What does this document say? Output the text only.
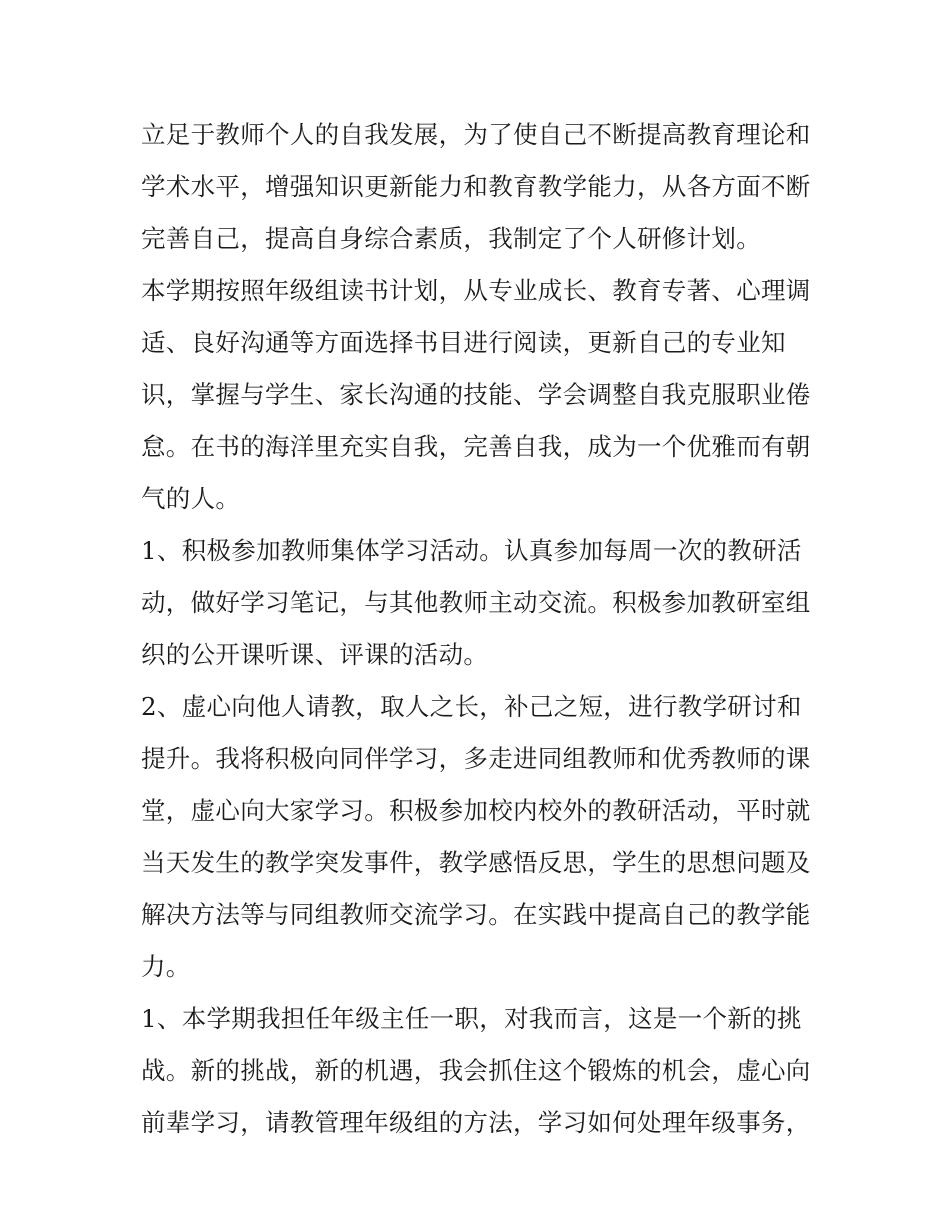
立足于教师个人的自我发展，为了使自己不断提高教育理论和
学术水平，增强知识更新能力和教育教学能力，从各方面不断
完善自己，提高自身综合素质，我制定了个人研修计划。

本学期按照年级组读书计划，从专业成长、教育专著、心理调
适、良好沟通等方面选择书目进行阅读，更新自己的专业知
识，掌握与学生、家长沟通的技能、学会调整自我克服职业倦
怠。在书的海洋里充实自我，完善自我，成为一个优雅而有朝
气的人。

1、积极参加教师集体学习活动。认真参加每周一次的教研活
动，做好学习笔记，与其他教师主动交流。积极参加教研室组
织的公开课听课、评课的活动。

2、虚心向他人请教，取人之长，补己之短，进行教学研讨和
提升。我将积极向同伴学习，多走进同组教师和优秀教师的课
堂，虚心向大家学习。积极参加校内校外的教研活动，平时就
当天发生的教学突发事件，教学感悟反思，学生的思想问题及
解决方法等与同组教师交流学习。在实践中提高自己的教学能
力。

1、本学期我担任年级主任一职，对我而言，这是一个新的挑
战。新的挑战，新的机遇，我会抓住这个锻炼的机会，虚心向
前辈学习，请教管理年级组的方法，学习如何处理年级事务，
